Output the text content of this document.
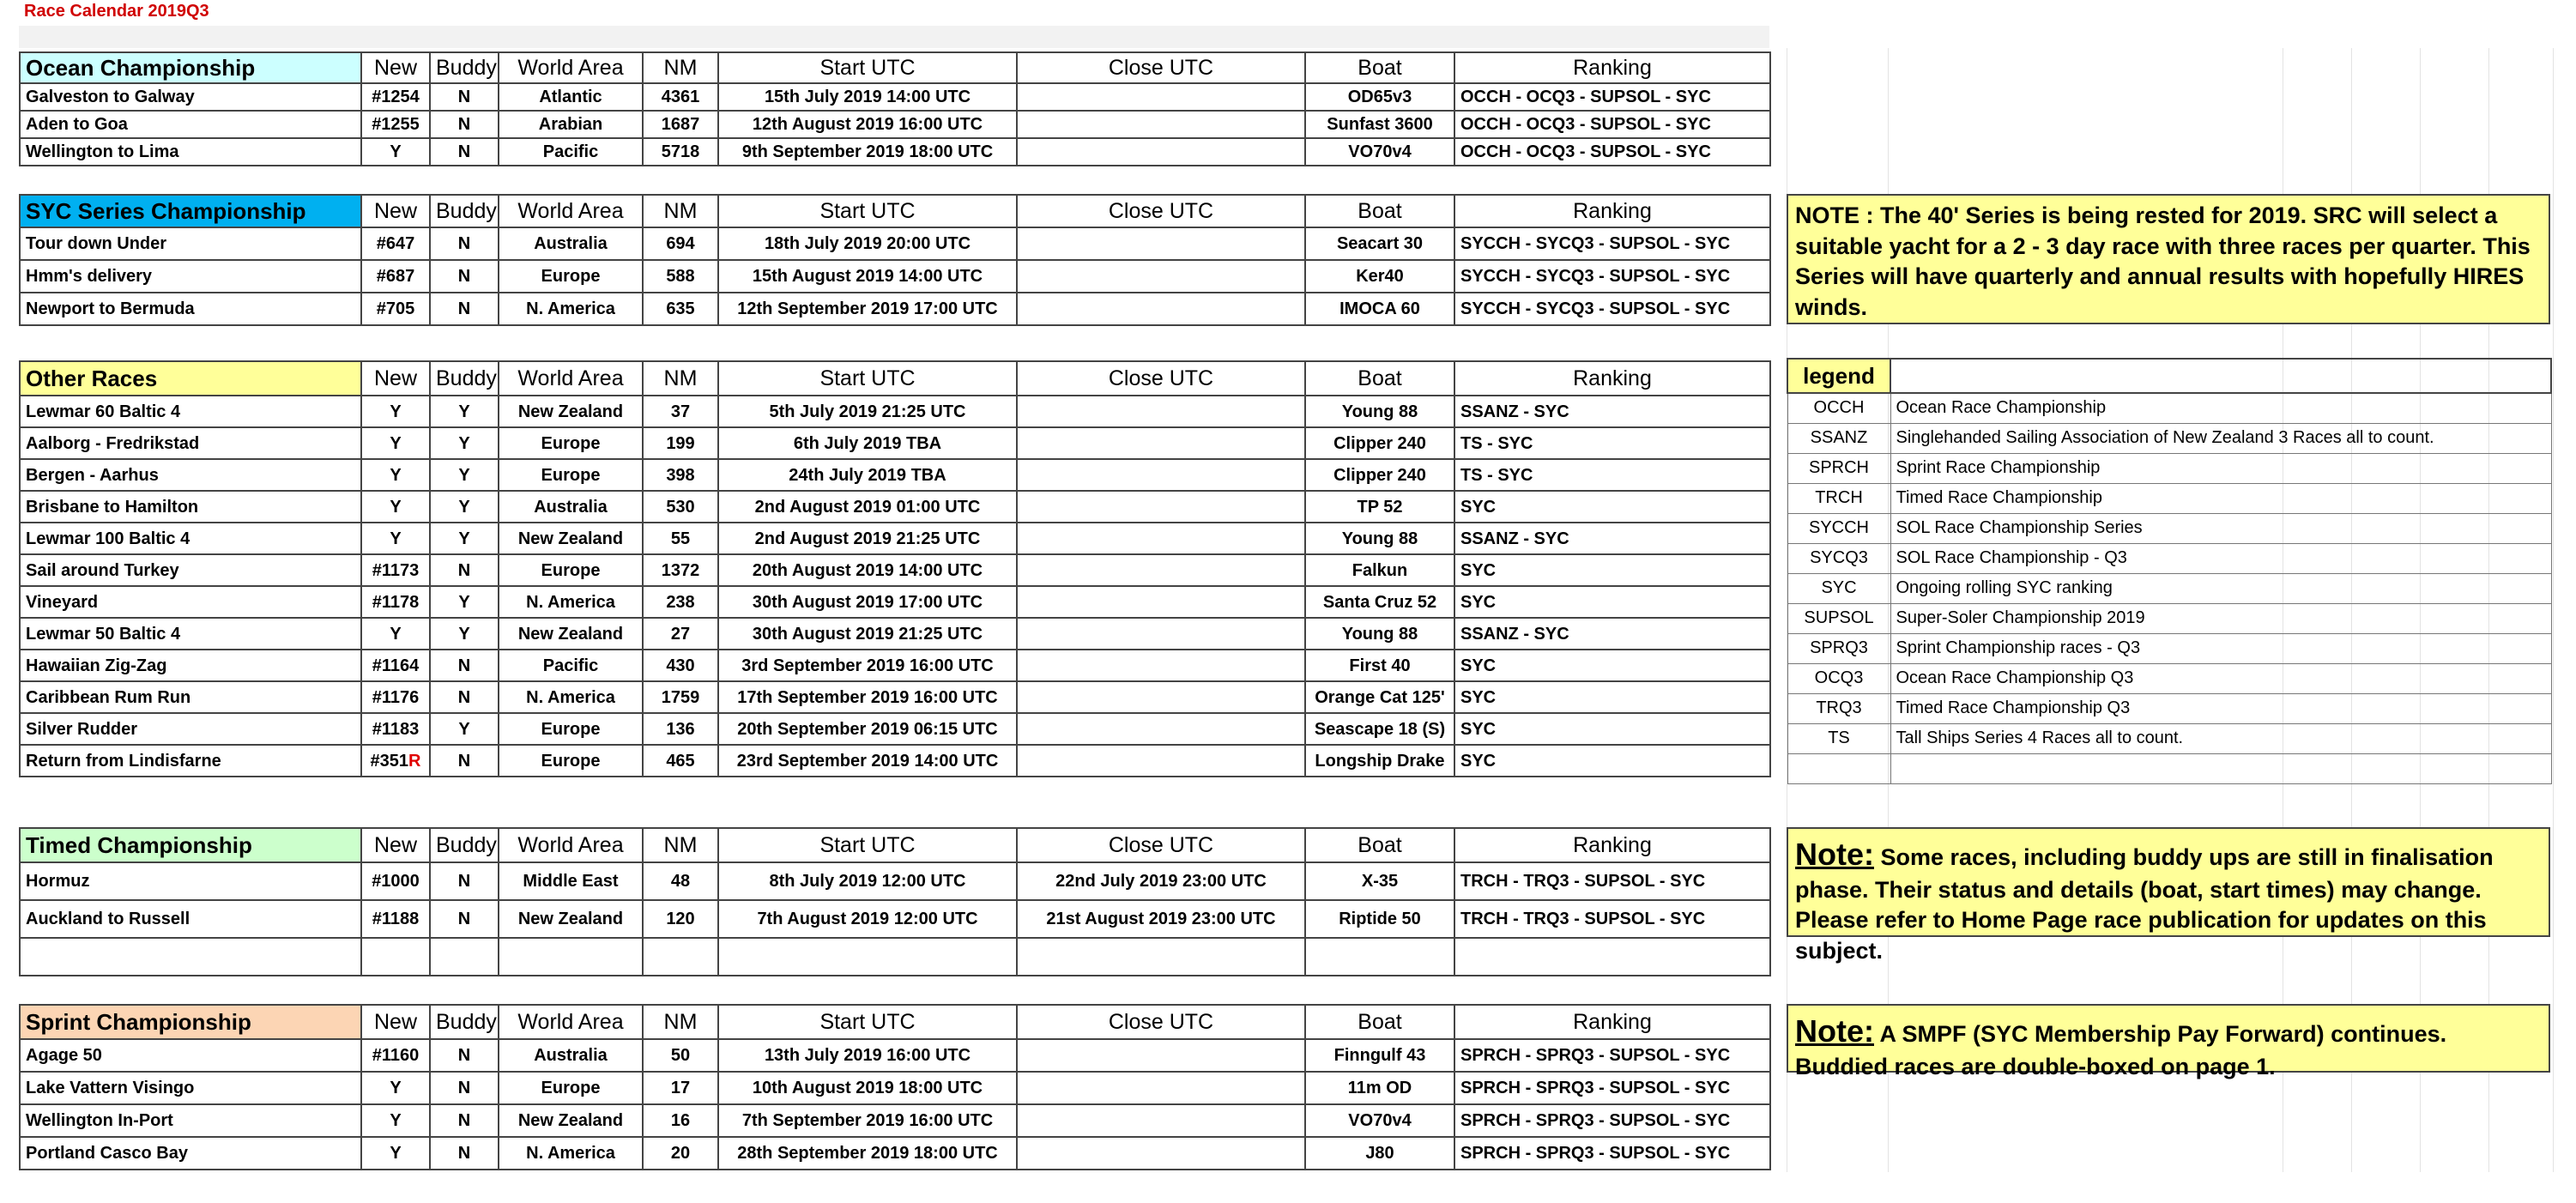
Race Calendar 2019Q3
Ocean Championship	New	Buddy	World Area	NM	Start UTC	Close UTC	Boat	Ranking
Galveston to Galway	#1254	N	Atlantic	4361	15th July 2019 14:00 UTC		OD65v3	OCCH - OCQ3 - SUPSOL - SYC
Aden to Goa	#1255	N	Arabian	1687	12th August 2019 16:00 UTC		Sunfast 3600	OCCH - OCQ3 - SUPSOL - SYC
Wellington to Lima	Y	N	Pacific	5718	9th September 2019 18:00 UTC		VO70v4	OCCH - OCQ3 - SUPSOL - SYC
SYC Series Championship	New	Buddy	World Area	NM	Start UTC	Close UTC	Boat	Ranking
Tour down Under	#647	N	Australia	694	18th July 2019 20:00 UTC		Seacart 30	SYCCH - SYCQ3 - SUPSOL - SYC
Hmm's delivery	#687	N	Europe	588	15th August 2019 14:00 UTC		Ker40	SYCCH - SYCQ3 - SUPSOL - SYC
Newport to Bermuda	#705	N	N. America	635	12th September 2019 17:00 UTC		IMOCA 60	SYCCH - SYCQ3 - SUPSOL - SYC
Other Races	New	Buddy	World Area	NM	Start UTC	Close UTC	Boat	Ranking
Lewmar 60 Baltic 4	Y	Y	New Zealand	37	5th July 2019 21:25 UTC		Young 88	SSANZ - SYC
Aalborg - Fredrikstad	Y	Y	Europe	199	6th July 2019 TBA		Clipper 240	TS - SYC
Bergen - Aarhus	Y	Y	Europe	398	24th July 2019 TBA		Clipper 240	TS - SYC
Brisbane to Hamilton	Y	Y	Australia	530	2nd August 2019 01:00 UTC		TP 52	SYC
Lewmar 100 Baltic 4	Y	Y	New Zealand	55	2nd August 2019 21:25 UTC		Young 88	SSANZ - SYC
Sail around Turkey	#1173	N	Europe	1372	20th August 2019 14:00 UTC		Falkun	SYC
Vineyard	#1178	Y	N. America	238	30th August 2019 17:00 UTC		Santa Cruz 52	SYC
Lewmar 50 Baltic 4	Y	Y	New Zealand	27	30th August 2019 21:25 UTC		Young 88	SSANZ - SYC
Hawaiian Zig-Zag	#1164	N	Pacific	430	3rd September 2019 16:00 UTC		First 40	SYC
Caribbean Rum Run	#1176	N	N. America	1759	17th September 2019 16:00 UTC		Orange Cat 125'	SYC
Silver Rudder	#1183	Y	Europe	136	20th September 2019 06:15 UTC		Seascape 18 (S)	SYC
Return from Lindisfarne	#351R	N	Europe	465	23rd September 2019 14:00 UTC		Longship Drake	SYC
Timed Championship	New	Buddy	World Area	NM	Start UTC	Close UTC	Boat	Ranking
Hormuz	#1000	N	Middle East	48	8th July 2019 12:00 UTC	22nd July 2019 23:00 UTC	X-35	TRCH - TRQ3 - SUPSOL - SYC
Auckland to Russell	#1188	N	New Zealand	120	7th August 2019 12:00 UTC	21st August 2019 23:00 UTC	Riptide 50	TRCH - TRQ3 - SUPSOL - SYC

Sprint Championship	New	Buddy	World Area	NM	Start UTC	Close UTC	Boat	Ranking
Agage 50	#1160	N	Australia	50	13th July 2019 16:00 UTC		Finngulf 43	SPRCH - SPRQ3 - SUPSOL - SYC
Lake Vattern Visingo	Y	N	Europe	17	10th August 2019 18:00 UTC		11m OD	SPRCH - SPRQ3 - SUPSOL - SYC
Wellington In-Port	Y	N	New Zealand	16	7th September 2019 16:00 UTC		VO70v4	SPRCH - SPRQ3 - SUPSOL - SYC
Portland Casco Bay	Y	N	N. America	20	28th September 2019 18:00 UTC		J80	SPRCH - SPRQ3 - SUPSOL - SYC
NOTE : The 40' Series is being rested for 2019. SRC will select a suitable yacht for a 2 - 3 day race with three races per quarter. This Series will have quarterly and annual results with hopefully HIRES winds.
legend	
OCCH	Ocean Race Championship
SSANZ	Singlehanded Sailing Association of New Zealand 3 Races all to count.
SPRCH	Sprint Race Championship
TRCH	Timed Race Championship
SYCCH	SOL Race Championship Series
SYCQ3	SOL Race Championship - Q3
SYC	Ongoing rolling SYC ranking
SUPSOL	Super-Soler Championship 2019
SPRQ3	Sprint Championship races - Q3
OCQ3	Ocean Race Championship Q3
TRQ3	Timed Race Championship Q3
TS	Tall Ships Series 4 Races all to count.

Note: Some races, including buddy ups are still in finalisation phase. Their status and details (boat, start times) may change. Please refer to Home Page race publication for updates on this subject.
Note: A SMPF (SYC Membership Pay Forward) continues. Buddied races are double-boxed on page 1.
